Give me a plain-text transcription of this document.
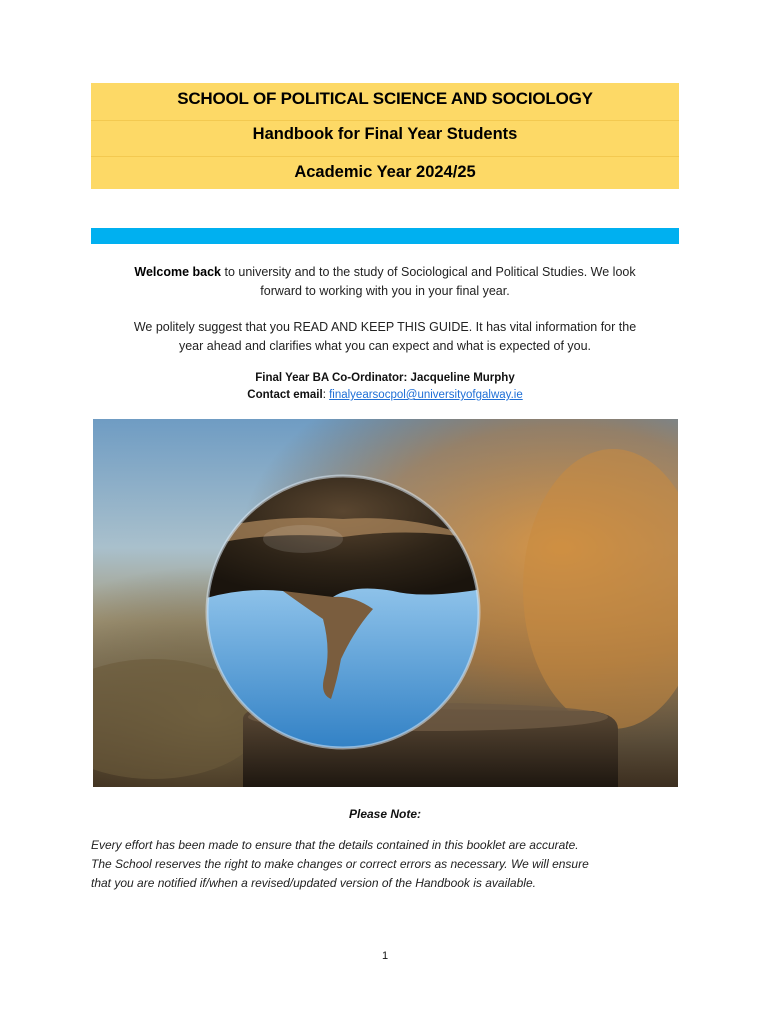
SCHOOL OF POLITICAL SCIENCE AND SOCIOLOGY
Handbook for Final Year Students
Academic Year 2024/25
Welcome back to university and to the study of Sociological and Political Studies. We look
forward to working with you in your final year.
We politely suggest that you READ AND KEEP THIS GUIDE. It has vital information for the
year ahead and clarifies what you can expect and what is expected of you.
Final Year BA Co-Ordinator: Jacqueline Murphy
Contact email: finalyearsocpol@universityofgalway.ie
Please Note:
Every effort has been made to ensure that the details contained in this booklet are accurate.
The School reserves the right to make changes or correct errors as necessary. We will ensure
that you are notified if/when a revised/updated version of the Handbook is available.
1
